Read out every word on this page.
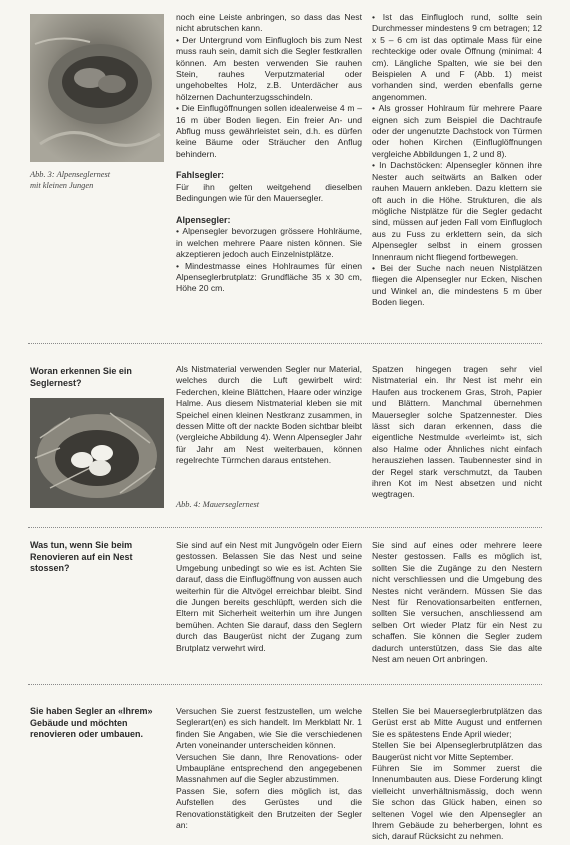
Abb. 3: Alpenseglernest
mit kleinen Jungen

noch eine Leiste anbringen, so dass das Nest nicht abrutschen kann.

• Der Untergrund vom Einflugloch bis zum Nest muss rauh sein, damit sich die Segler festkrallen können. Am besten verwenden Sie rauhen Stein, rauhes Verputzmaterial oder ungehobeltes Holz, z.B. Unterdächer aus hölzernen Dachunterzugsschindeln.

• Die Einflugöffnungen sollen idealerweise 4 m – 16 m über Boden liegen. Ein freier An- und Abflug muss gewährleistet sein, d.h. es dürfen keine Bäume oder Sträucher den Anflug behindern.

Fahlsegler:

Für ihn gelten weitgehend dieselben Bedingungen wie für den Mauersegler.

Alpensegler:

• Alpensegler bevorzugen grössere Hohlräume, in welchen mehrere Paare nisten können. Sie akzeptieren jedoch auch Einzelnistplätze.

• Mindestmasse eines Hohlraumes für einen Alpenseglerbrutplatz: Grundfläche 35 x 30 cm, Höhe 20 cm.

• Ist das Einflugloch rund, sollte sein Durchmesser mindestens 9 cm betragen; 12 x 5 – 6 cm ist das optimale Mass für eine rechteckige oder ovale Öffnung (minimal: 4 cm). Längliche Spalten, wie sie bei den Beispielen A und F (Abb. 1) meist vorhanden sind, werden ebenfalls gerne angenommen.

• Als grosser Hohlraum für mehrere Paare eignen sich zum Beispiel die Dachtraufe oder der ungenutzte Dachstock von Türmen oder hohen Kirchen (Einfluglöffnungen vergleiche Abbildungen 1, 2 und 8).

• In Dachstöcken: Alpensegler können ihre Nester auch seitwärts an Balken oder rauhen Mauern ankleben. Dazu klettern sie oft auch in die Höhe. Strukturen, die als mögliche Nistplätze für die Segler gedacht sind, müssen auf jeden Fall vom Einflugloch aus zu Fuss zu erklettern sein, da sich Alpensegler selbst in einem grossen Innenraum nicht fliegend fortbewegen.

• Bei der Suche nach neuen Nistplätzen fliegen die Alpensegler nur Ecken, Nischen und Winkel an, die mindestens 5 m über Boden liegen.

Woran erkennen Sie ein Seglernest?

Als Nistmaterial verwenden Segler nur Material, welches durch die Luft gewirbelt wird: Federchen, kleine Blättchen, Haare oder winzige Halme. Aus diesem Nistmaterial kleben sie mit Speichel einen kleinen Nestkranz zusammen, in dessen Mitte oft der nackte Boden sichtbar bleibt (vergleiche Abbildung 4). Wenn Alpensegler Jahr für Jahr am Nest weiterbauen, können regelrechte Türmchen daraus entstehen.

Abb. 4: Mauerseglernest

Spatzen hingegen tragen sehr viel Nistmaterial ein. Ihr Nest ist mehr ein Haufen aus trockenem Gras, Stroh, Papier und Blättern. Manchmal übernehmen Mauersegler solche Spatzennester. Dies lässt sich daran erkennen, dass die eigentliche Nestmulde «verleimt» ist, sich also Halme oder Ähnliches nicht einfach herausziehen lassen. Taubennester sind in der Regel stark verschmutzt, da Tauben ihren Kot im Nest absetzen und nicht wegtragen.

Was tun, wenn Sie beim Renovieren auf ein Nest stossen?

Sie sind auf ein Nest mit Jungvögeln oder Eiern gestossen. Belassen Sie das Nest und seine Umgebung unbedingt so wie es ist. Achten Sie darauf, dass die Einflugöffnung von aussen auch weiterhin für die Altvögel erreichbar bleibt. Sind die Jungen bereits geschlüpft, werden sich die Eltern mit Sicherheit weiterhin um ihre Jungen bemühen. Achten Sie darauf, dass den Seglern durch das Baugerüst nicht der Zugang zum Brutplatz verwehrt wird.

Sie sind auf eines oder mehrere leere Nester gestossen. Falls es möglich ist, sollten Sie die Zugänge zu den Nestern nicht verschliessen und die Umgebung des Nestes nicht verändern. Müssen Sie das Nest für Renovationsarbeiten entfernen, sollten Sie versuchen, anschliessend am selben Ort wieder Platz für ein Nest zu schaffen. Sie können die Segler zudem dadurch unterstützen, dass Sie das alte Nest am neuen Ort anbringen.

Sie haben Segler an «Ihrem» Gebäude und möchten renovieren oder umbauen.

Versuchen Sie zuerst festzustellen, um welche Seglerart(en) es sich handelt. Im Merkblatt Nr. 1 finden Sie Angaben, wie Sie die verschiedenen Arten voneinander unterscheiden können.

Versuchen Sie dann, Ihre Renovations- oder Umbaupläne entsprechend den angegebenen Massnahmen auf die Segler abzustimmen.

Passen Sie, sofern dies möglich ist, das Aufstellen des Gerüstes und die Renovationstätigkeit den Brutzeiten der Segler an:

Stellen Sie bei Mauerseglerbrutplätzen das Gerüst erst ab Mitte August und entfernen Sie es spätestens Ende April wieder;

Stellen Sie bei Alpenseglerbrutplätzen das Baugerüst nicht vor Mitte September.

Führen Sie im Sommer zuerst die Innenumbauten aus. Diese Forderung klingt vielleicht unverhältnismässig, doch wenn Sie schon das Glück haben, einen so seltenen Vogel wie den Alpensegler an Ihrem Gebäude zu beherbergen, lohnt es sich, darauf Rücksicht zu nehmen.
